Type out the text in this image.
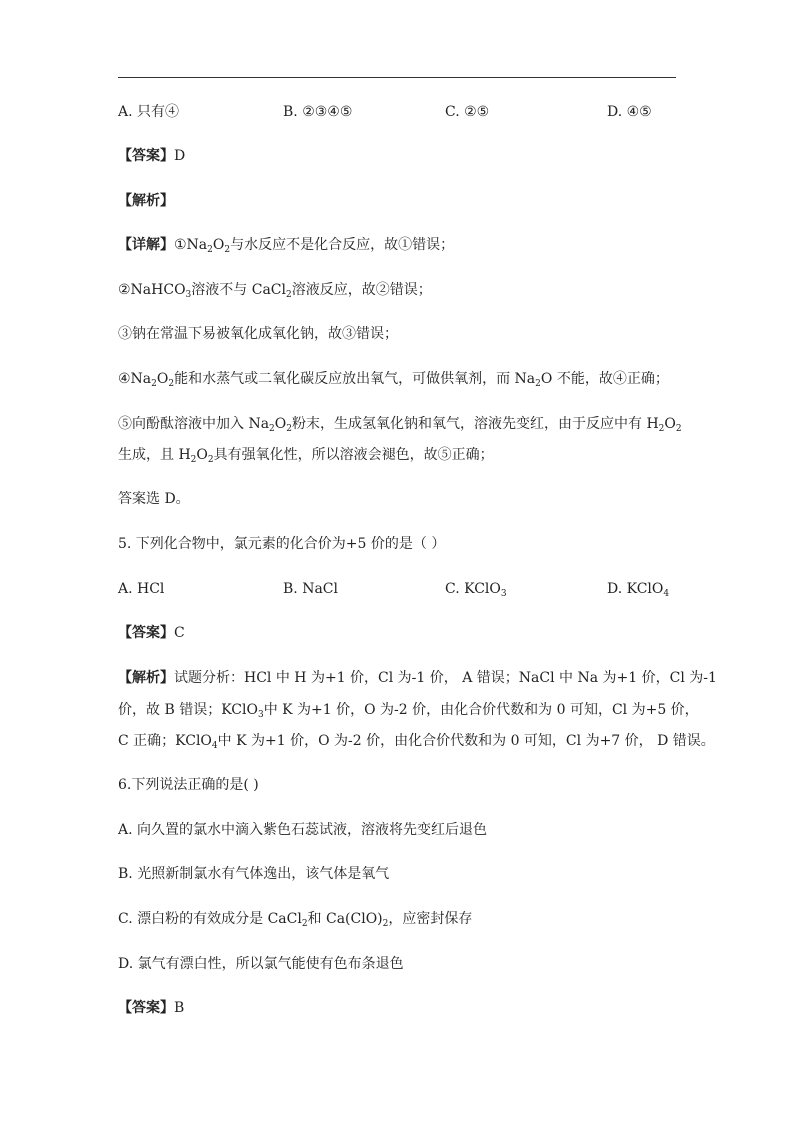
A. 只有④	B. ②③④⑤	C. ②⑤	D. ④⑤
【答案】D
【解析】
【详解】$①Na_2O_2$与水反应不是化合反应，故①错误；
②NaHCO$_3$溶液不与 CaCl$_2$溶液反应，故②错误；
③钠在常温下易被氧化成氧化钠，故③错误；
$④Na_2O_2$能和水蒸气或二氧化碳反应放出氧气，可做供氧剂，而 $Na_2O$ 不能，故④正确；
⑤向酚酞溶液中加入 $Na_2O_2$粉末，生成氢氧化钠和氧气，溶液先变红，由于反应中有 $H_2O_2$
生成，且 $H_2O_2$具有强氧化性，所以溶液会褪色，故⑤正确；
答案选 D。
5. 下列化合物中，氯元素的化合价为+5 价的是（ ）
A. HCl	B. NaCl	C. KClO$_3$	D. KClO$_4$
【答案】C
【解析】试题分析：HCl 中 H 为+1 价，Cl 为-1 价， A 错误；NaCl 中 Na 为+1 价，Cl 为-1
价，故 B 错误；KClO$_3$中 K 为+1 价，O 为-2 价，由化合价代数和为 0 可知，Cl 为+5 价，
C 正确；KClO$_4$中 K 为+1 价，O 为-2 价，由化合价代数和为 0 可知，Cl 为+7 价， D 错误。
6.下列说法正确的是( )
A. 向久置的氯水中滴入紫色石蕊试液，溶液将先变红后退色
B. 光照新制氯水有气体逸出，该气体是氧气
C. 漂白粉的有效成分是 CaCl$_2$和 $Ca(ClO)_2$，应密封保存
D. 氯气有漂白性，所以氯气能使有色布条退色
【答案】B
